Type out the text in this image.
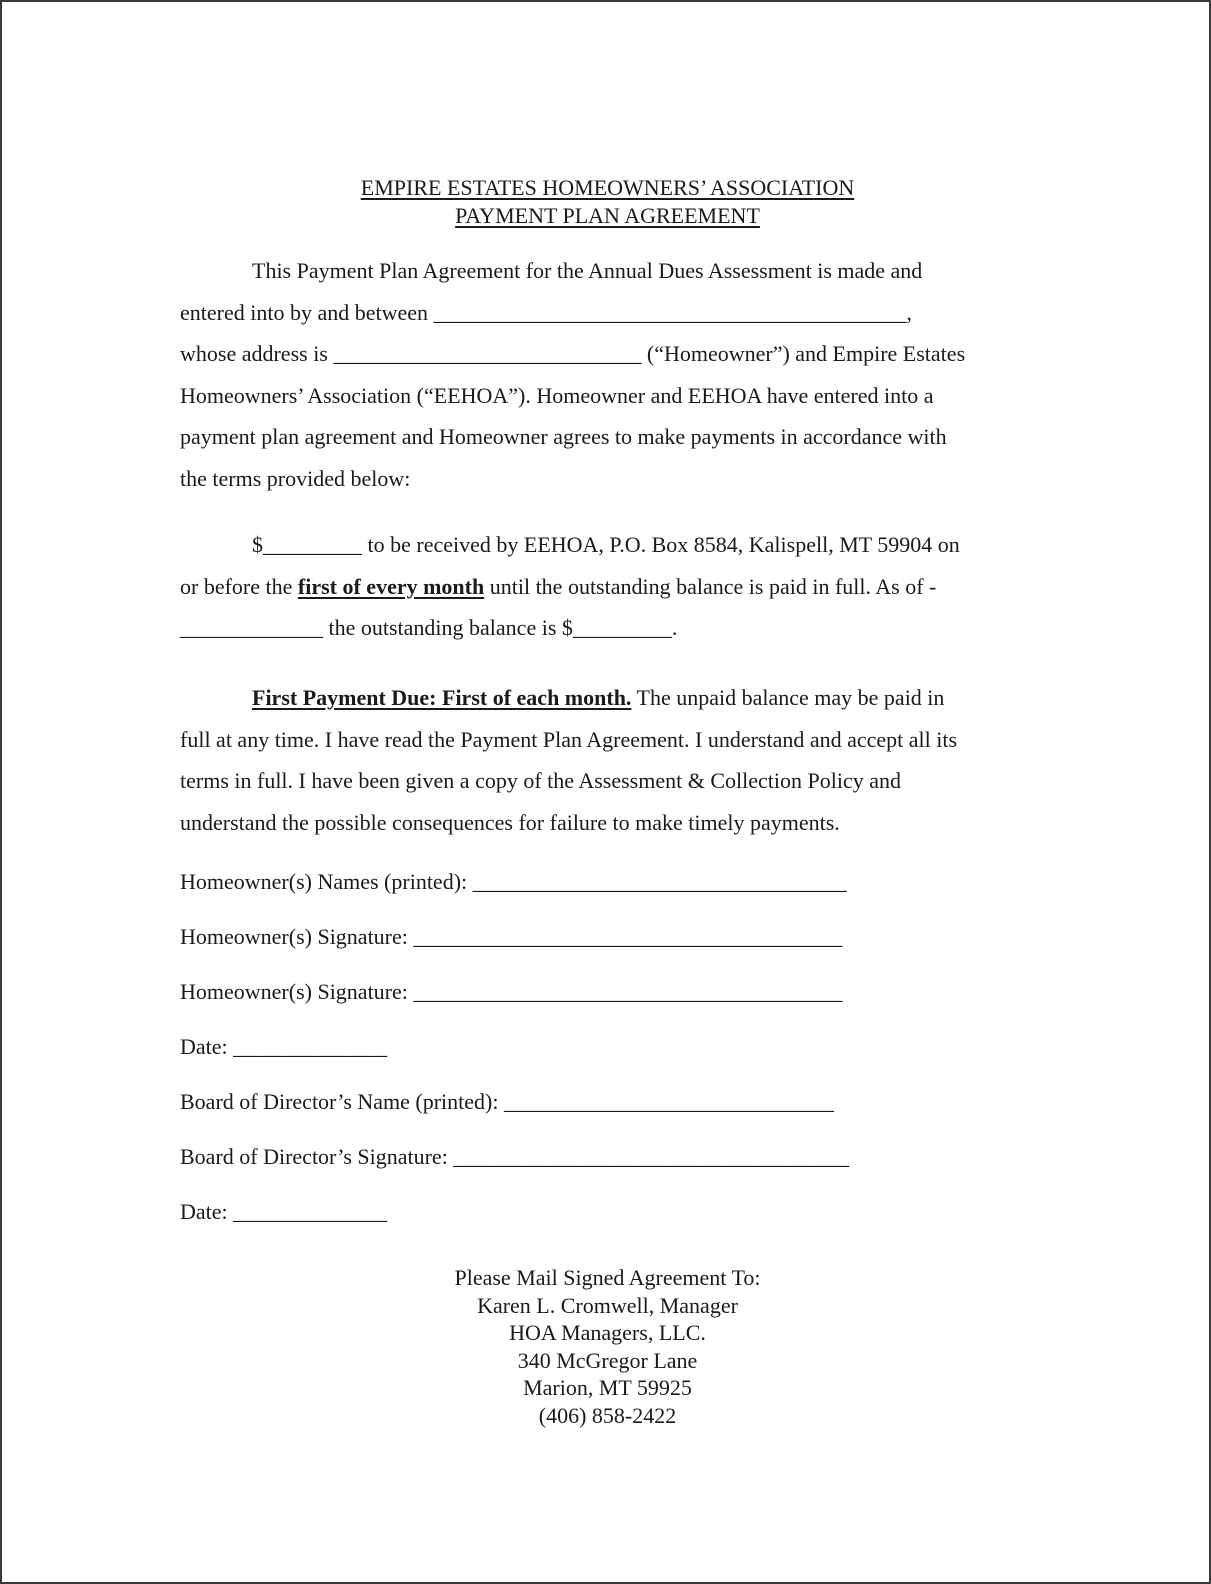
EMPIRE ESTATES HOMEOWNERS’ ASSOCIATION
PAYMENT PLAN AGREEMENT
This Payment Plan Agreement for the Annual Dues Assessment is made and
entered into by and between ___________________________________________,
whose address is ____________________________ (“Homeowner”) and Empire Estates
Homeowners’ Association (“EEHOA”). Homeowner and EEHOA have entered into a
payment plan agreement and Homeowner agrees to make payments in accordance with
the terms provided below:
$_________ to be received by EEHOA, P.O. Box 8584, Kalispell, MT 59904 on
or before the first of every month until the outstanding balance is paid in full. As of -
_____________ the outstanding balance is $_________.
First Payment Due: First of each month. The unpaid balance may be paid in
full at any time. I have read the Payment Plan Agreement. I understand and accept all its
terms in full. I have been given a copy of the Assessment & Collection Policy and
understand the possible consequences for failure to make timely payments.
Homeowner(s) Names (printed): __________________________________
Homeowner(s) Signature: _______________________________________
Homeowner(s) Signature: _______________________________________
Date: ______________
Board of Director’s Name (printed): ______________________________
Board of Director’s Signature: ____________________________________
Date: ______________
Please Mail Signed Agreement To:
Karen L. Cromwell, Manager
HOA Managers, LLC.
340 McGregor Lane
Marion, MT 59925
(406) 858-2422
